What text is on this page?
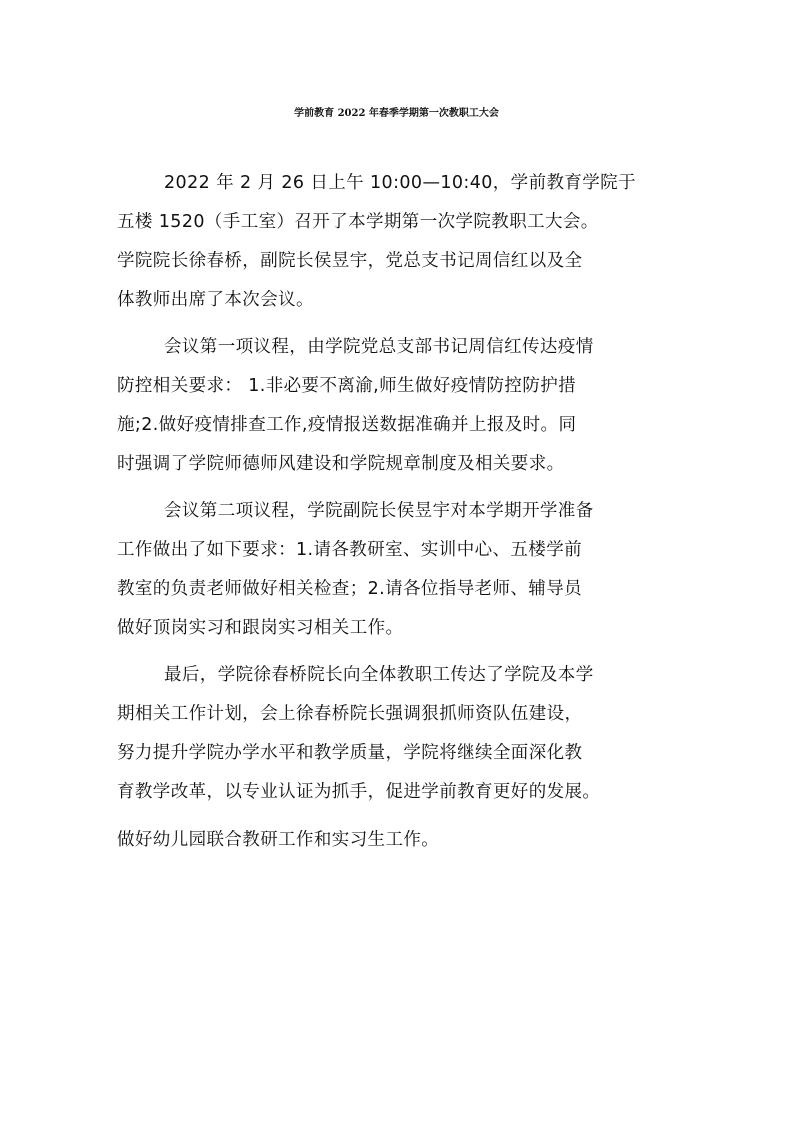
学前教育 2022 年春季学期第一次教职工大会
2022 年 2 月 26 日上午 10:00—10:40，学前教育学院于
五楼 1520（手工室）召开了本学期第一次学院教职工大会。
学院院长徐春桥，副院长侯昱宇，党总支书记周信红以及全
体教师出席了本次会议。
会议第一项议程，由学院党总支部书记周信红传达疫情
防控相关要求： 1.非必要不离渝,师生做好疫情防控防护措
施;2.做好疫情排查工作,疫情报送数据准确并上报及时。同
时强调了学院师德师风建设和学院规章制度及相关要求。
会议第二项议程，学院副院长侯昱宇对本学期开学准备
工作做出了如下要求：1.请各教研室、实训中心、五楼学前
教室的负责老师做好相关检查；2.请各位指导老师、辅导员
做好顶岗实习和跟岗实习相关工作。
最后，学院徐春桥院长向全体教职工传达了学院及本学
期相关工作计划，会上徐春桥院长强调狠抓师资队伍建设，
努力提升学院办学水平和教学质量，学院将继续全面深化教
育教学改革，以专业认证为抓手，促进学前教育更好的发展。
做好幼儿园联合教研工作和实习生工作。
